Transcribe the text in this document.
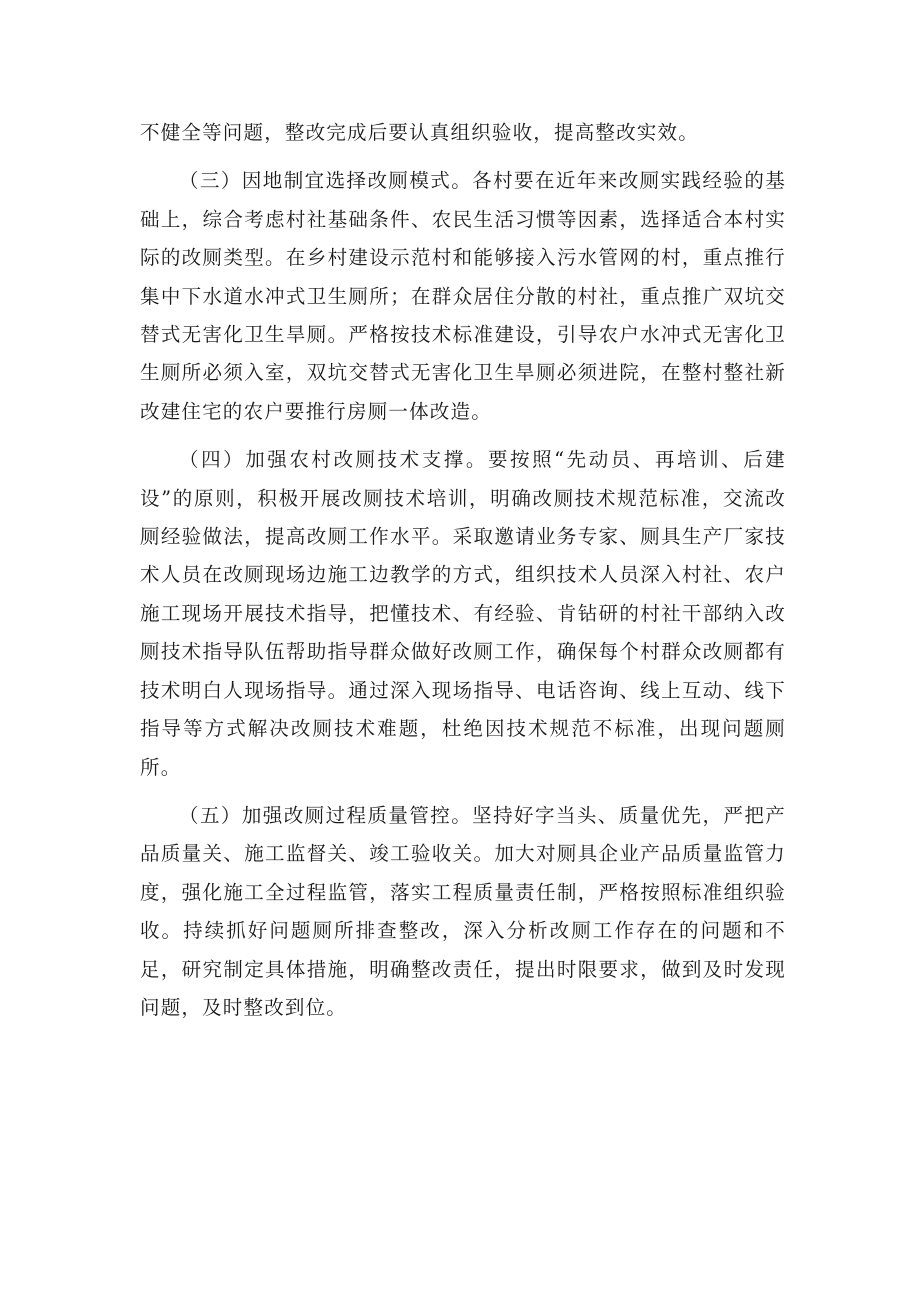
不健全等问题，整改完成后要认真组织验收，提高整改实效。

（三）因地制宜选择改厕模式。各村要在近年来改厕实践经验的基础上，综合考虑村社基础条件、农民生活习惯等因素，选择适合本村实际的改厕类型。在乡村建设示范村和能够接入污水管网的村，重点推行集中下水道水冲式卫生厕所；在群众居住分散的村社，重点推广双坑交替式无害化卫生旱厕。严格按技术标准建设，引导农户水冲式无害化卫生厕所必须入室，双坑交替式无害化卫生旱厕必须进院，在整村整社新改建住宅的农户要推行房厕一体改造。

（四）加强农村改厕技术支撑。要按照“先动员、再培训、后建设”的原则，积极开展改厕技术培训，明确改厕技术规范标准，交流改厕经验做法，提高改厕工作水平。采取邀请业务专家、厕具生产厂家技术人员在改厕现场边施工边教学的方式，组织技术人员深入村社、农户施工现场开展技术指导，把懂技术、有经验、肯钻研的村社干部纳入改厕技术指导队伍帮助指导群众做好改厕工作，确保每个村群众改厕都有技术明白人现场指导。通过深入现场指导、电话咨询、线上互动、线下指导等方式解决改厕技术难题，杜绝因技术规范不标准，出现问题厕所。

（五）加强改厕过程质量管控。坚持好字当头、质量优先，严把产品质量关、施工监督关、竣工验收关。加大对厕具企业产品质量监管力度，强化施工全过程监管，落实工程质量责任制，严格按照标准组织验收。持续抓好问题厕所排查整改，深入分析改厕工作存在的问题和不足，研究制定具体措施，明确整改责任，提出时限要求，做到及时发现问题，及时整改到位。
